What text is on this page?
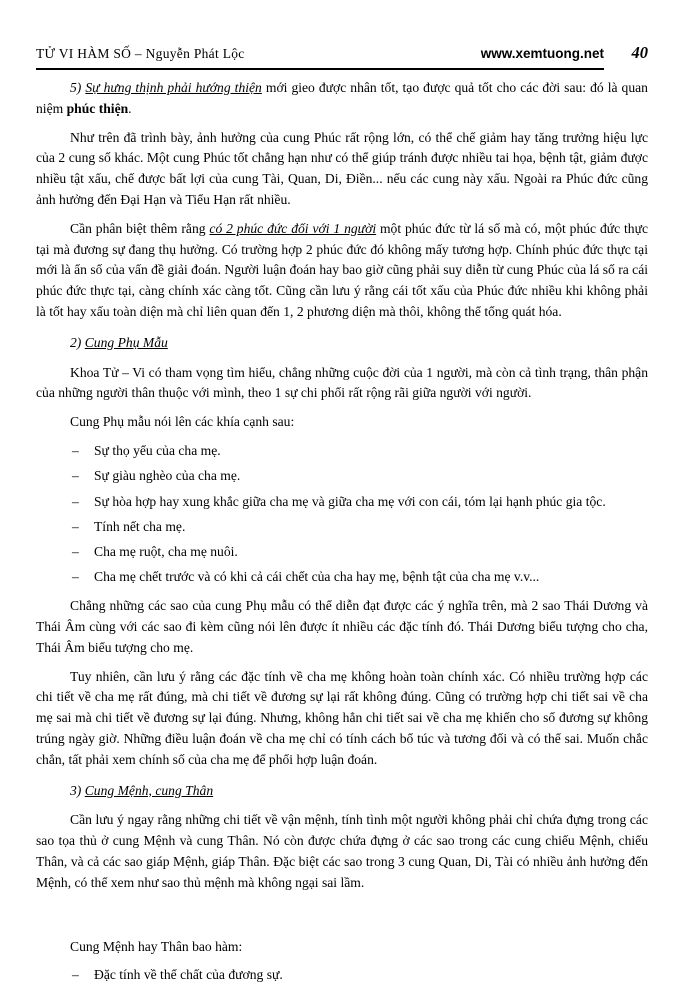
TỬ VI HÀM SỐ – Nguyễn Phát Lộc	www.xemtuong.net	40

5) Sự hưng thịnh phải hướng thiện mới gieo được nhân tốt, tạo được quả tốt cho các đời sau: đó là quan niệm phúc thiện.

Như trên đã trình bày, ảnh hưởng của cung Phúc rất rộng lớn, có thể chế giảm hay tăng trưởng hiệu lực của 2 cung số khác. Một cung Phúc tốt chẳng hạn như có thể giúp tránh được nhiều tai họa, bệnh tật, giảm được nhiều tật xấu, chế được bất lợi của cung Tài, Quan, Di, Điền... nếu các cung này xấu. Ngoài ra Phúc đức cũng ảnh hưởng đến Đại Hạn và Tiểu Hạn rất nhiều.

Cần phân biệt thêm rằng có 2 phúc đức đối với 1 người một phúc đức từ lá số mà có, một phúc đức thực tại mà đương sự đang thụ hưởng. Có trường hợp 2 phúc đức đó không mấy tương hợp. Chính phúc đức thực tại mới là ẩn số của vấn đề giải đoán. Người luận đoán hay bao giờ cũng phải suy diễn từ cung Phúc của lá số ra cái phúc đức thực tại, càng chính xác càng tốt. Cũng cần lưu ý rằng cái tốt xấu của Phúc đức nhiều khi không phải là tốt hay xấu toàn diện mà chỉ liên quan đến 1, 2 phương diện mà thôi, không thể tổng quát hóa.

2) Cung Phụ Mẫu

Khoa Tử – Vi có tham vọng tìm hiểu, chẳng những cuộc đời của 1 người, mà còn cả tình trạng, thân phận của những người thân thuộc với mình, theo 1 sự chi phối rất rộng rãi giữa người với người.

Cung Phụ mẫu nói lên các khía cạnh sau:

–	Sự thọ yểu của cha mẹ.
–	Sự giàu nghèo của cha mẹ.
–	Sự hòa hợp hay xung khắc giữa cha mẹ và giữa cha mẹ với con cái, tóm lại hạnh phúc gia tộc.
–	Tính nết cha mẹ.
–	Cha mẹ ruột, cha mẹ nuôi.
–	Cha mẹ chết trước và có khi cả cái chết của cha hay mẹ, bệnh tật của cha mẹ v.v...

Chẳng những các sao của cung Phụ mẫu có thể diễn đạt được các ý nghĩa trên, mà 2 sao Thái Dương và Thái Âm cùng với các sao đi kèm cũng nói lên được ít nhiều các đặc tính đó. Thái Dương biểu tượng cho cha, Thái Âm biểu tượng cho mẹ.

Tuy nhiên, cần lưu ý rằng các đặc tính về cha mẹ không hoàn toàn chính xác. Có nhiều trường hợp các chi tiết về cha mẹ rất đúng, mà chi tiết về đương sự lại rất không đúng. Cũng có trường hợp chi tiết sai về cha mẹ sai mà chi tiết về đương sự lại đúng. Nhưng, không hẳn chi tiết sai về cha mẹ khiến cho số đương sự không trúng ngày giờ. Những điều luận đoán về cha mẹ chỉ có tính cách bổ túc và tương đối và có thể sai. Muốn chắc chắn, tất phải xem chính số của cha mẹ để phối hợp luận đoán.

3) Cung Mệnh, cung Thân

Cần lưu ý ngay rằng những chi tiết về vận mệnh, tính tình một người không phải chỉ chứa đựng trong các sao tọa thủ ở cung Mệnh và cung Thân. Nó còn được chứa đựng ở các sao trong các cung chiếu Mệnh, chiếu Thân, và cả các sao giáp Mệnh, giáp Thân. Đặc biệt các sao trong 3 cung Quan, Di, Tài có nhiều ảnh hưởng đến Mệnh, có thể xem như sao thủ mệnh mà không ngại sai lầm.

Cung Mệnh hay Thân bao hàm:

–	Đặc tính về thể chất của đương sự.
